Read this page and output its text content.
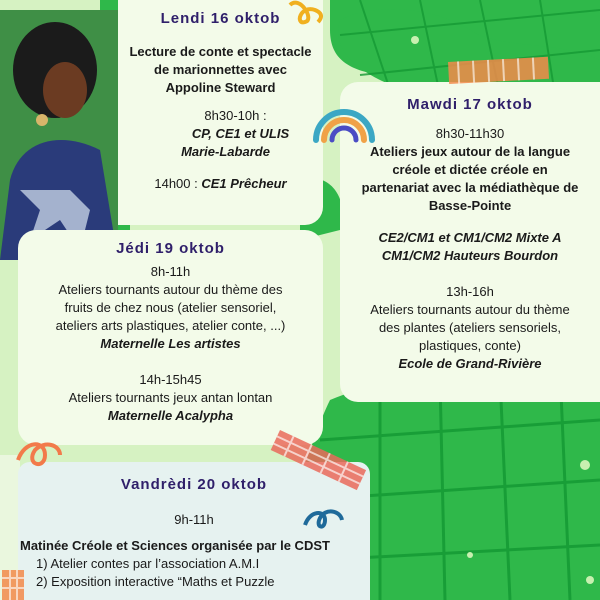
Lendi 16 oktob

Lecture de conte et spectacle

de marionnettes avec

Appoline Steward

8h30-10h :

CP, CE1 et ULIS

Marie-Labarde

14h00 : CE1 Prêcheur

Mawdi 17 oktob

8h30-11h30

Ateliers jeux autour de la langue

créole et dictée créole en

partenariat avec la médiathèque de

Basse-Pointe

CE2/CM1 et CM1/CM2 Mixte A

CM1/CM2 Hauteurs Bourdon

13h-16h

Ateliers tournants autour du thème

des plantes (ateliers sensoriels,

plastiques, conte)

Ecole de Grand-Rivière

Jédi 19 oktob

8h-11h

Ateliers tournants autour du thème des

fruits de chez nous (atelier sensoriel,

ateliers arts plastiques, atelier conte, ...)

Maternelle Les artistes

14h-15h45

Ateliers tournants jeux antan lontan

Maternelle Acalypha

Vandrèdi 20 oktob

9h-11h

Matinée Créole et Sciences organisée par le CDST

1) Atelier contes par l’association A.M.I

2) Exposition interactive “Maths et Puzzle
